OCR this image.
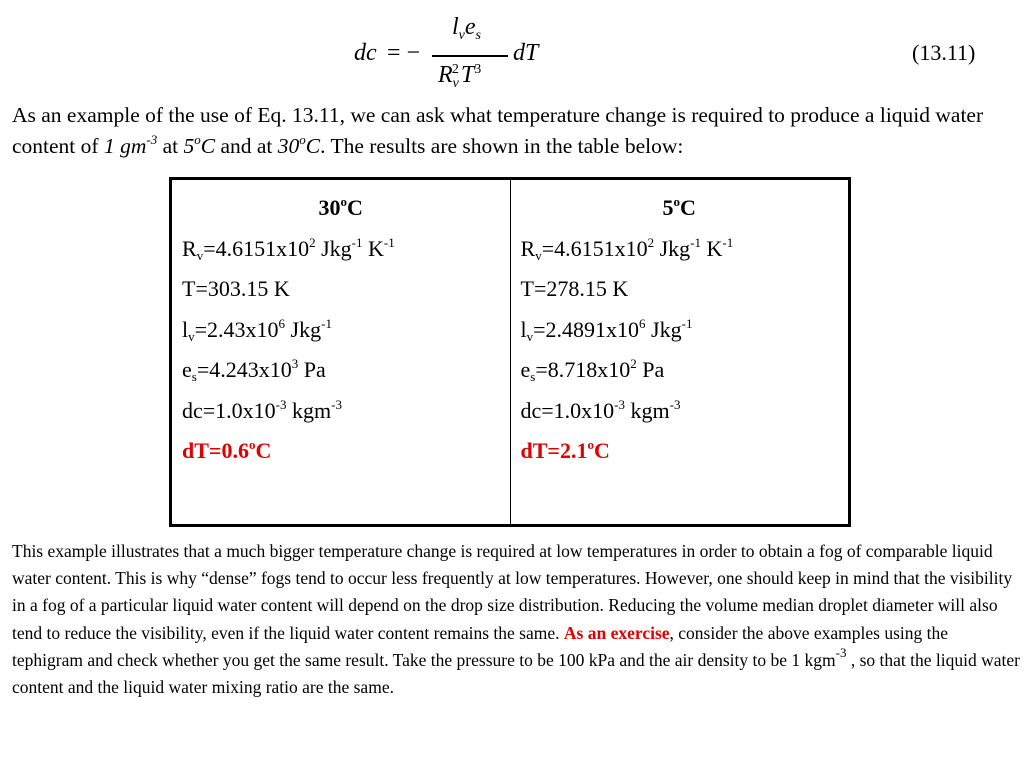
dc = −
$l_ve_s$
$R_v^2T^3$
dT	(13.11)
As an example of the use of Eq. 13.11, we can ask what temperature change is required to produce a liquid water content of 1 $gm^{-3}$ at 5$^o$C and at 30$^o$C. The results are shown in the table below:
30$^o$C
$R_v=4.6151x10^2$ Jkg$^{-1}$ $K^{-1}$
T=303.15 K
$l_v=2.43x10^6$ Jkg$^{-1}$
$e_s=4.243x10^3$ Pa
$dc=1.0x10^{-3}$ kgm$^{-3}$
$dT=0.6^oC$
5$^o$C
$R_v=4.6151x10^2$ Jkg$^{-1}$ $K^{-1}$
T=278.15 K
$l_v=2.4891x10^6$ Jkg$^{-1}$
$e_s=8.718x10^2$ Pa
$dc=1.0x10^{-3}$ kgm$^{-3}$
$dT=2.1^oC$
This example illustrates that a much bigger temperature change is required at low temperatures in order to obtain a fog of comparable liquid water content. This is why “dense” fogs tend to occur less frequently at low temperatures. However, one should keep in mind that the visibility in a fog of a particular liquid water content will depend on the drop size distribution. Reducing the volume median droplet diameter will also tend to reduce the visibility, even if the liquid water content remains the same. As an exercise, consider the above examples using the tephigram and check whether you get the same result. Take the pressure to be 100 kPa and the air density to be 1 kgm$^{-3}$ , so that the liquid water content and the liquid water mixing ratio are the same.
